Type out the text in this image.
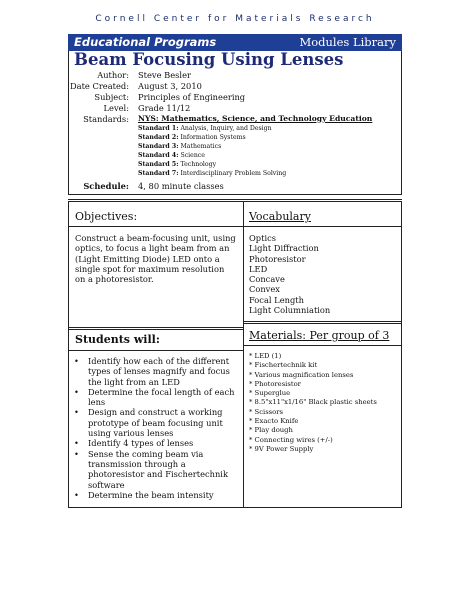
Cornell Center for Materials Research
Educational Programs	Modules Library
Beam Focusing Using Lenses
Author: Steve Besler
Date Created: August 3, 2010
Subject: Principles of Engineering
Level: Grade 11/12
Standards: NYS: Mathematics, Science, and Technology Education
Standard 1: Analysis, Inquiry, and Design
Standard 2: Information Systems
Standard 3: Mathematics
Standard 4: Science
Standard 5: Technology
Standard 7: Interdisciplinary Problem Solving
Schedule: 4, 80 minute classes
Objectives:
Construct a beam-focusing unit, using optics, to focus a light beam from an (Light Emitting Diode) LED onto a single spot for maximum resolution on a photoresistor.
Students will:
• Identify how each of the different types of lenses magnify and focus the light from an LED
• Determine the focal length of each lens
• Design and construct a working prototype of beam focusing unit using various lenses
• Identify 4 types of lenses
• Sense the coming beam via transmission through a photoresistor and Fischertechnik software
• Determine the beam intensity
Vocabulary
Optics
Light Diffraction
Photoresistor
LED
Concave
Convex
Focal Length
Light Columniation
Materials: Per group of 3
* LED (1)
* Fischertechnik kit
* Various magnification lenses
* Photoresistor
* Superglue
* 8.5"x11"x1/16" Black plastic sheets
* Scissors
* Exacto Knife
* Play dough
* Connecting wires (+/-)
* 9V Power Supply
